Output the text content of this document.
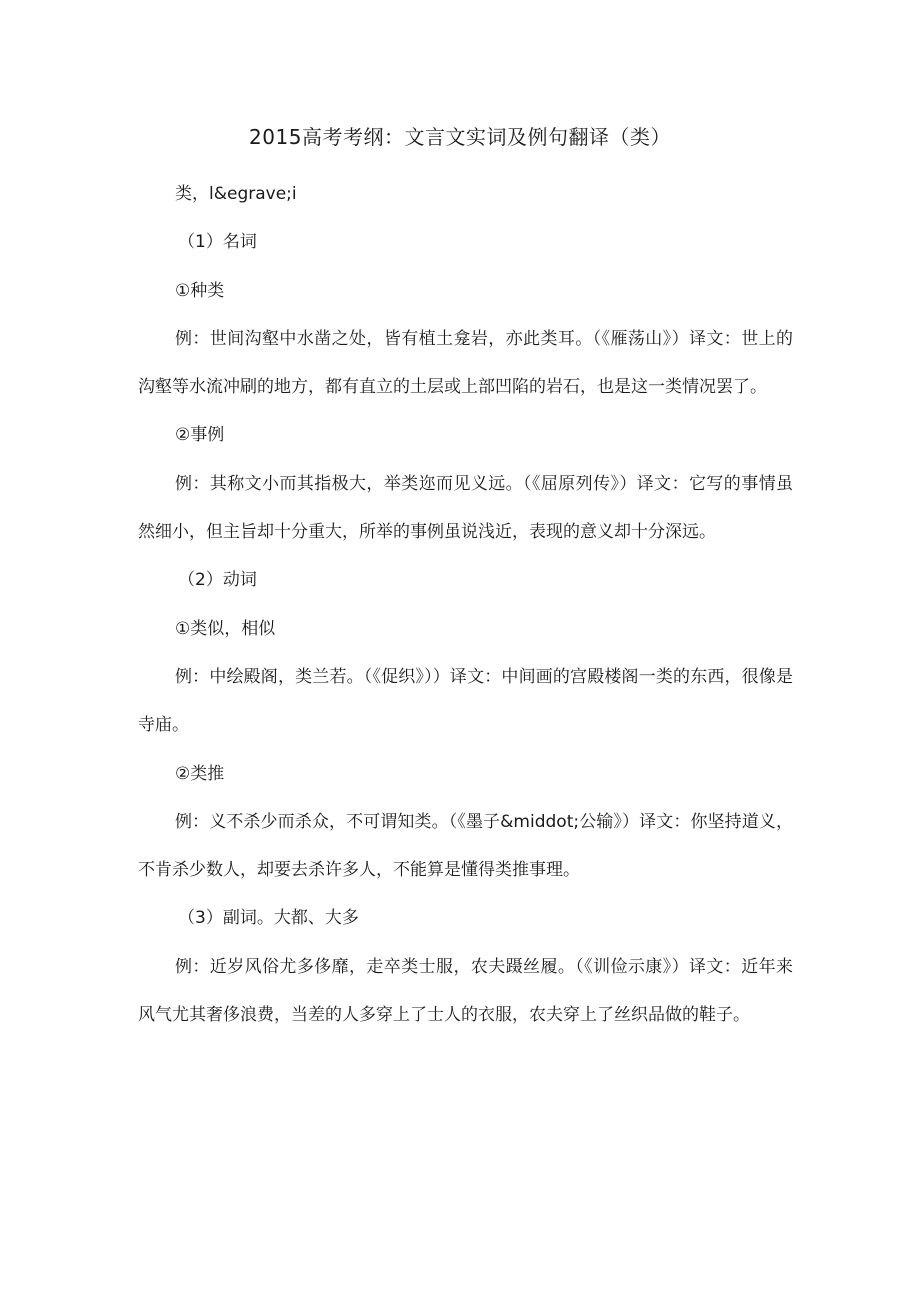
2015高考考纲：文言文实词及例句翻译（类）

类，l&egrave;i

（1）名词

①种类

例：世间沟壑中水凿之处，皆有植土龛岩，亦此类耳。（《雁荡山》）译文：世上的沟壑等水流冲刷的地方，都有直立的土层或上部凹陷的岩石，也是这一类情况罢了。

②事例

例：其称文小而其指极大，举类迩而见义远。（《屈原列传》）译文：它写的事情虽然细小，但主旨却十分重大，所举的事例虽说浅近，表现的意义却十分深远。

（2）动词

①类似，相似

例：中绘殿阁，类兰若。（《促织》））译文：中间画的宫殿楼阁一类的东西，很像是寺庙。

②类推

例：义不杀少而杀众，不可谓知类。（《墨子&middot;公输》）译文：你坚持道义，不肯杀少数人，却要去杀许多人，不能算是懂得类推事理。

（3）副词。大都、大多

例：近岁风俗尤多侈靡，走卒类士服，农夫蹑丝履。（《训俭示康》）译文：近年来风气尤其奢侈浪费，当差的人多穿上了士人的衣服，农夫穿上了丝织品做的鞋子。
